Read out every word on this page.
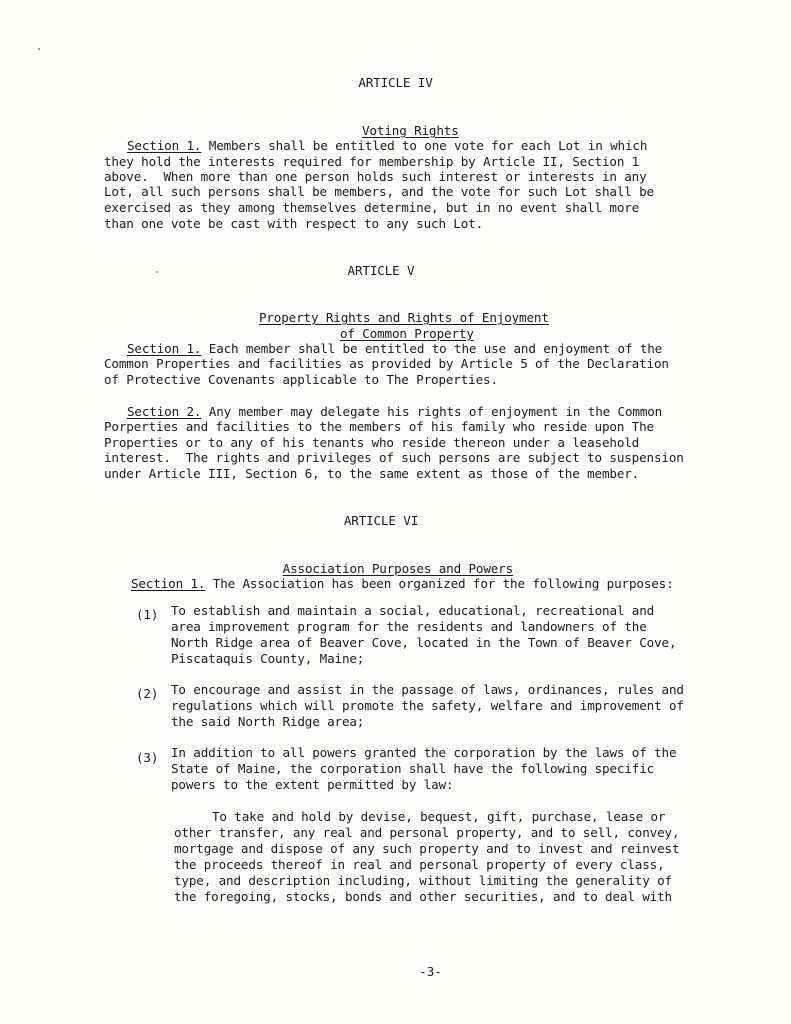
ARTICLE IV

Voting Rights

Section 1. Members shall be entitled to one vote for each Lot in which
they hold the interests required for membership by Article II, Section 1
above.  When more than one person holds such interest or interests in any
Lot, all such persons shall be members, and the vote for such Lot shall be
exercised as they among themselves determine, but in no event shall more
than one vote be cast with respect to any such Lot.
ARTICLE V

Property Rights and Rights of Enjoyment

of Common Property

Section 1. Each member shall be entitled to the use and enjoyment of the
Common Properties and facilities as provided by Article 5 of the Declaration
of Protective Covenants applicable to The Properties.
Section 2. Any member may delegate his rights of enjoyment in the Common
Porperties and facilities to the members of his family who reside upon The
Properties or to any of his tenants who reside thereon under a leasehold
interest.  The rights and privileges of such persons are subject to suspension
under Article III, Section 6, to the same extent as those of the member.
ARTICLE VI

Association Purposes and Powers

Section 1. The Association has been organized for the following purposes:
(1) To establish and maintain a social, educational, recreational and
area improvement program for the residents and landowners of the
North Ridge area of Beaver Cove, located in the Town of Beaver Cove,
Piscataquis County, Maine;
(2) To encourage and assist in the passage of laws, ordinances, rules and
regulations which will promote the safety, welfare and improvement of
the said North Ridge area;
(3) In addition to all powers granted the corporation by the laws of the
State of Maine, the corporation shall have the following specific
powers to the extent permitted by law:
To take and hold by devise, bequest, gift, purchase, lease or
other transfer, any real and personal property, and to sell, convey,
mortgage and dispose of any such property and to invest and reinvest
the proceeds thereof in real and personal property of every class,
type, and description including, without limiting the generality of
the foregoing, stocks, bonds and other securities, and to deal with
-3-
